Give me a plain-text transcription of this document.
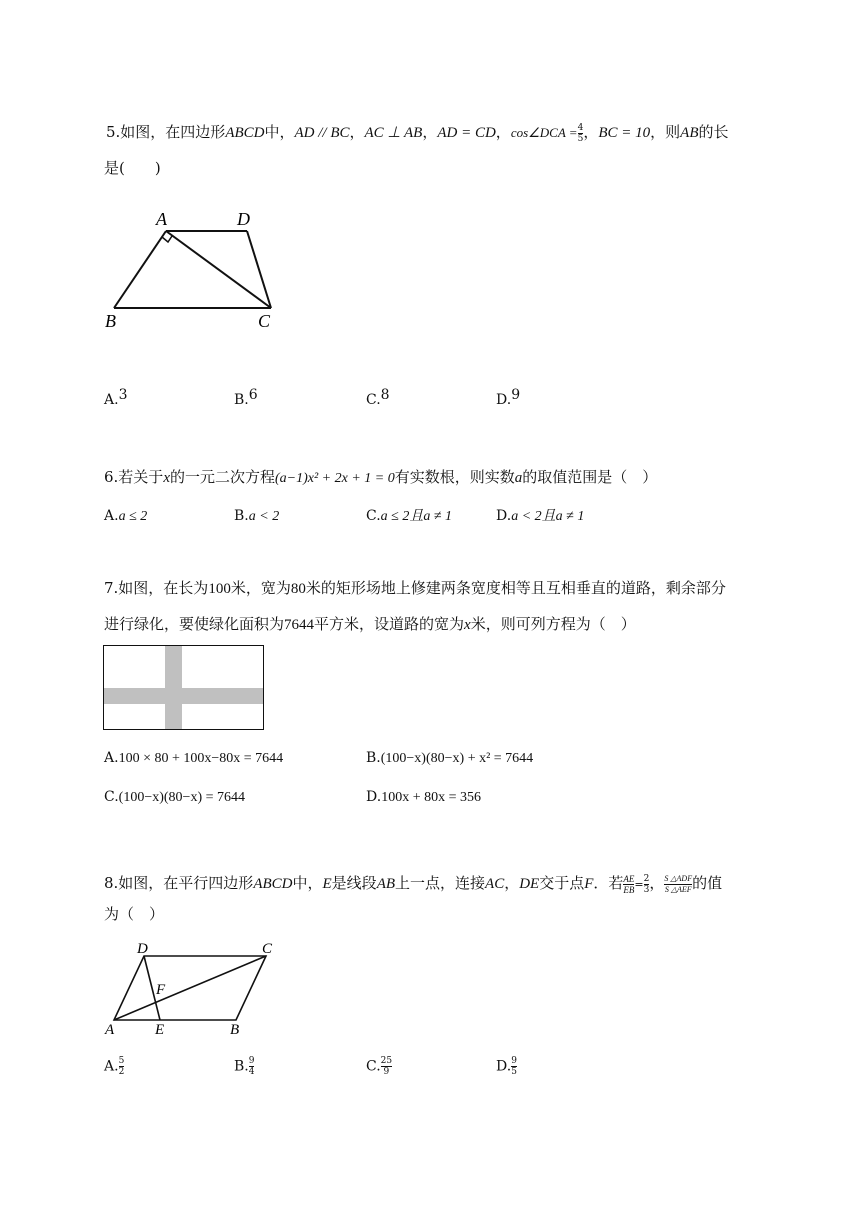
5.如图，在四边形ABCD中，AD // BC，AC ⊥ AB，AD = CD，cos∠DCA = $\frac{4}{5}$ ，BC = 10，则AB的长
是(　　)
A	D
B	C
A.3	B.6	C.8	D.9
6.若关于x的一元二次方程(a−1)x² + 2x + 1 = 0有实数根，则实数a的取值范围是（　）
A.a ≤ 2	B.a < 2	C.a ≤ 2且a ≠ 1	D.a < 2且a ≠ 1
7.如图，在长为100米，宽为80米的矩形场地上修建两条宽度相等且互相垂直的道路，剩余部分
进行绿化，要使绿化面积为7644平方米，设道路的宽为x米，则可列方程为（　）
A.100 × 80 + 100x−80x = 7644	B.(100−x)(80−x) + x² = 7644
C.(100−x)(80−x) = 7644	D.100x + 80x = 356
8.如图，在平行四边形ABCD中，E是线段AB上一点，连接AC，DE交于点F．若 $\frac{AE}{EB} = \frac{2}{3}$ ， $\frac{\text{S △ADF}}{\text{S △AEF}}$ 的值
为（　）
D	C
F
A	E	B
A. $\frac{5}{2}$	B. $\frac{9}{4}$	C. $\frac{25}{9}$	D. $\frac{9}{5}$
